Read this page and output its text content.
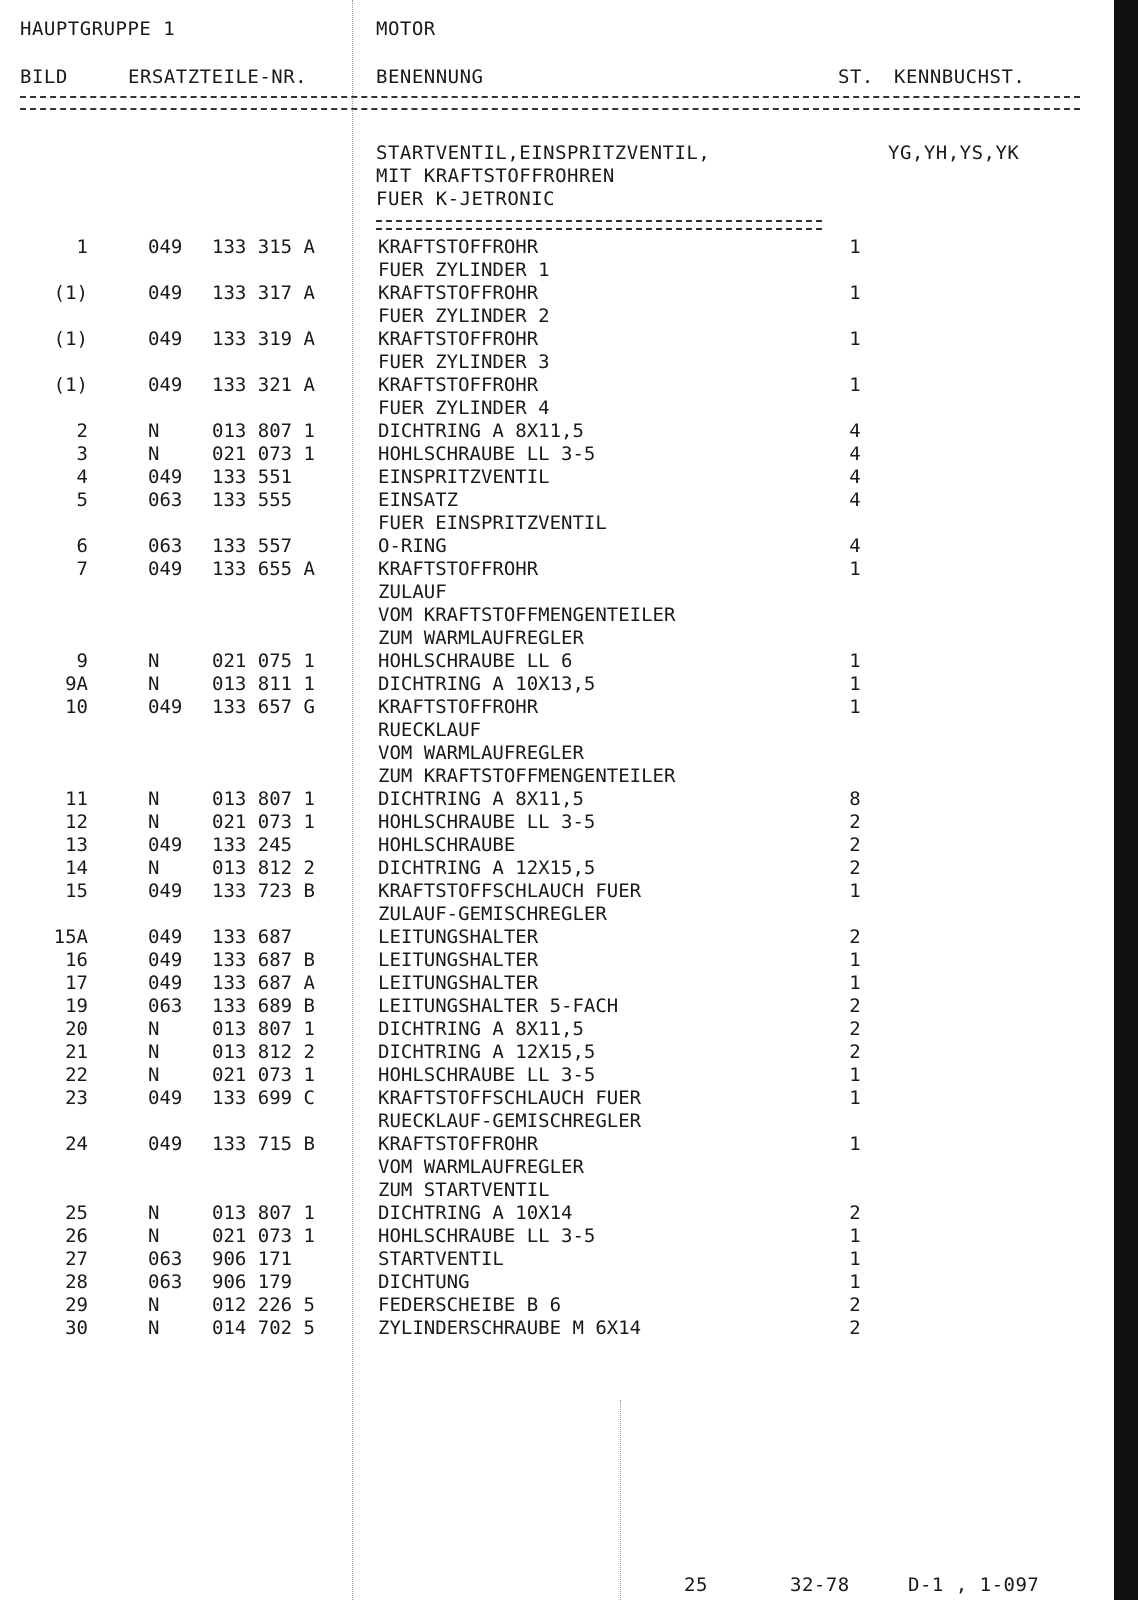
HAUPTGRUPPE 1	MOTOR
BILD	ERSATZTEILE-NR.	BENENNUNG	ST. KENNBUCHST.
STARTVENTIL,EINSPRITZVENTIL,
MIT KRAFTSTOFFROHREN
FUER K-JETRONIC
YG,YH,YS,YK
1	049 133 315 A	KRAFTSTOFFROHR	1
FUER ZYLINDER 1
(1)	049 133 317 A	KRAFTSTOFFROHR	1
FUER ZYLINDER 2
(1)	049 133 319 A	KRAFTSTOFFROHR	1
FUER ZYLINDER 3
(1)	049 133 321 A	KRAFTSTOFFROHR	1
FUER ZYLINDER 4
2	N	013 807 1	DICHTRING A 8X11,5	4
3	N	021 073 1	HOHLSCHRAUBE LL 3-5	4
4	049 133 551	EINSPRITZVENTIL	4
5	063 133 555	EINSATZ	4
FUER EINSPRITZVENTIL
6	063 133 557	O-RING	4
7	049 133 655 A	KRAFTSTOFFROHR	1
ZULAUF
VOM KRAFTSTOFFMENGENTEILER
ZUM WARMLAUFREGLER
9	N	021 075 1	HOHLSCHRAUBE LL 6	1
9A	N	013 811 1	DICHTRING A 10X13,5	1
10	049 133 657 G	KRAFTSTOFFROHR	1
RUECKLAUF
VOM WARMLAUFREGLER
ZUM KRAFTSTOFFMENGENTEILER
11	N	013 807 1	DICHTRING A 8X11,5	8
12	N	021 073 1	HOHLSCHRAUBE LL 3-5	2
13	049 133 245	HOHLSCHRAUBE	2
14	N	013 812 2	DICHTRING A 12X15,5	2
15	049 133 723 B	KRAFTSTOFFSCHLAUCH FUER	1
ZULAUF-GEMISCHREGLER
15A	049 133 687	LEITUNGSHALTER	2
16	049 133 687 B	LEITUNGSHALTER	1
17	049 133 687 A	LEITUNGSHALTER	1
19	063 133 689 B	LEITUNGSHALTER 5-FACH	2
20	N	013 807 1	DICHTRING A 8X11,5	2
21	N	013 812 2	DICHTRING A 12X15,5	2
22	N	021 073 1	HOHLSCHRAUBE LL 3-5	1
23	049 133 699 C	KRAFTSTOFFSCHLAUCH FUER	1
RUECKLAUF-GEMISCHREGLER
24	049 133 715 B	KRAFTSTOFFROHR	1
VOM WARMLAUFREGLER
ZUM STARTVENTIL
25	N	013 807 1	DICHTRING A 10X14	2
26	N	021 073 1	HOHLSCHRAUBE LL 3-5	1
27	063 906 171	STARTVENTIL	1
28	063 906 179	DICHTUNG	1
29	N	012 226 5	FEDERSCHEIBE B 6	2
30	N	014 702 5	ZYLINDERSCHRAUBE M 6X14	2
25	32-78	D-1 , 1-097
